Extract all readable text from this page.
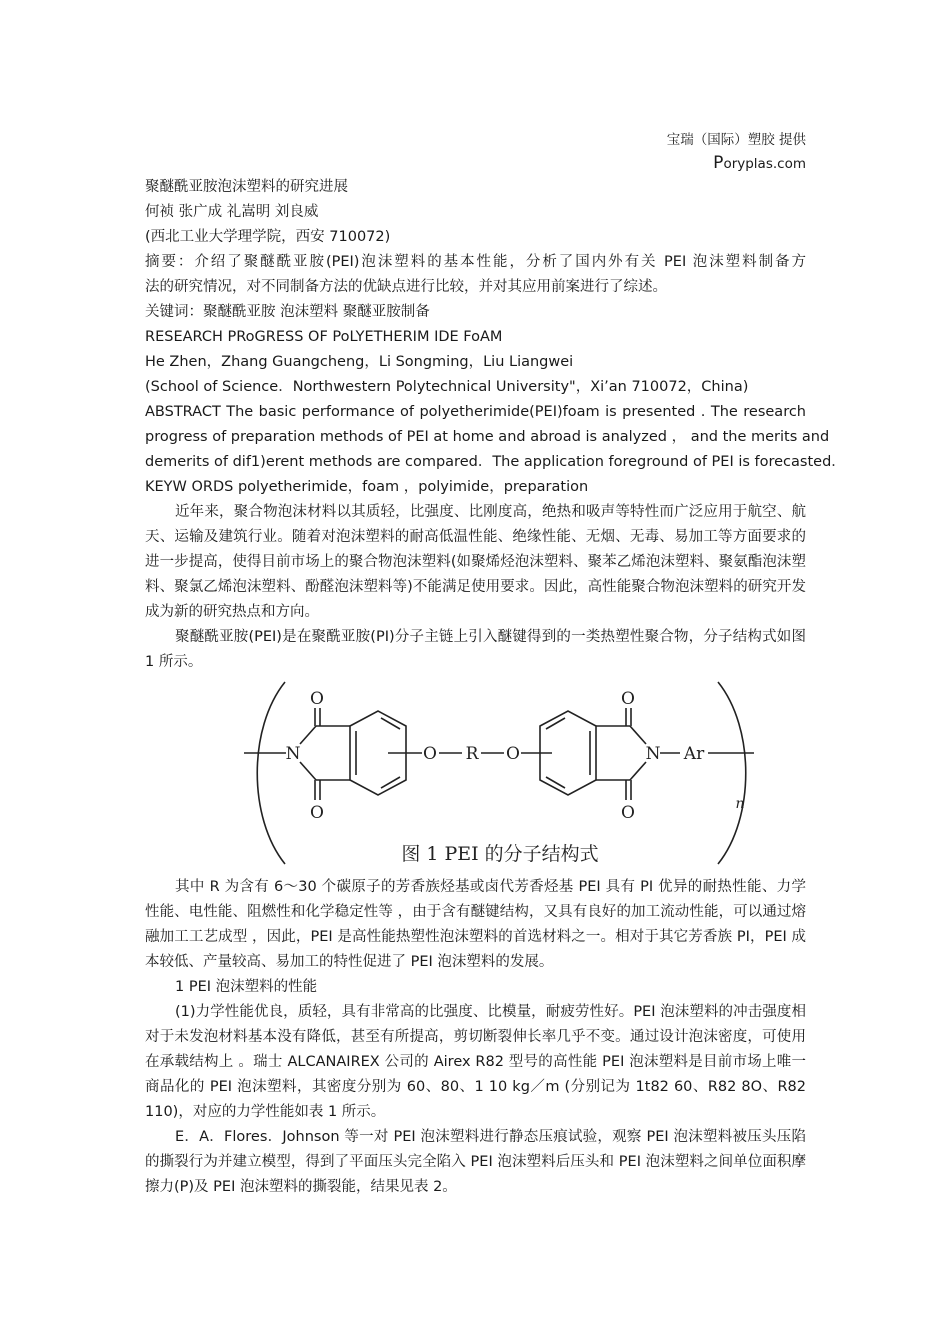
宝瑞（国际）塑胶 提供
Poryplas.com
聚醚酰亚胺泡沫塑料的研究进展
何祯 张广成 礼嵩明 刘良威
(西北工业大学理学院，西安 710072)
摘要：介绍了聚醚酰亚胺(PEI)泡沫塑料的基本性能，分析了国内外有关 PEI 泡沫塑料制备方
法的研究情况，对不同制备方法的优缺点进行比较，并对其应用前案进行了综述。
关键词：聚醚酰亚胺 泡沫塑料 聚醚亚胺制备
RESEARCH PRoGRESS OF PoLYETHERIM IDE FoAM
He Zhen，Zhang Guangcheng，Li Songming，Liu Liangwei
(School of Science．Northwestern Polytechnical University"，Xi’an 710072，China)
ABSTRACT The basic performance of polyetherimide(PEI)foam is presented . The research
progress of preparation methods of PEI at home and abroad is analyzed ， and the merits and
demerits of dif1)erent methods are compared．The application foreground of PEI is forecasted．
KEYW ORDS polyetherimide，foam ，polyimide，preparation
近年来，聚合物泡沫材料以其质轻，比强度、比刚度高，绝热和吸声等特性而广泛应用于航空、航天、运输及建筑行业。随着对泡沫塑料的耐高低温性能、绝缘性能、无烟、无毒、易加工等方面要求的进一步提高，使得目前市场上的聚合物泡沫塑料(如聚烯烃泡沫塑料、聚苯乙烯泡沫塑料、聚氨酯泡沫塑料、聚氯乙烯泡沫塑料、酚醛泡沫塑料等)不能满足使用要求。因此，高性能聚合物泡沫塑料的研究开发成为新的研究热点和方向。
聚醚酰亚胺(PEI)是在聚酰亚胺(PI)分子主链上引入醚键得到的一类热塑性聚合物，分子结构式如图 1 所示。
O
O
N	O R O
O
O
N Ar
n
图 1 PEI 的分子结构式
其中 R 为含有 6～30 个碳原子的芳香族烃基或卤代芳香烃基 PEI 具有 PI 优异的耐热性能、力学性能、电性能、阻燃性和化学稳定性等 ，由于含有醚键结构，又具有良好的加工流动性能，可以通过熔融加工工艺成型 ，因此，PEI 是高性能热塑性泡沫塑料的首选材料之一。相对于其它芳香族 PI，PEI 成本较低、产量较高、易加工的特性促进了 PEI 泡沫塑料的发展。
1 PEI 泡沫塑料的性能
(1)力学性能优良，质轻，具有非常高的比强度、比模量，耐疲劳性好。PEI 泡沫塑料的冲击强度相对于未发泡材料基本没有降低，甚至有所提高，剪切断裂伸长率几乎不变。通过设计泡沫密度，可使用在承载结构上 。瑞士 ALCANAIREX 公司的 Airex R82 型号的高性能 PEI 泡沫塑料是目前市场上唯一商品化的 PEI 泡沫塑料，其密度分别为 60、80、1 10 kg／m (分别记为 1t82 60、R82 8O、R82 110)，对应的力学性能如表 1 所示。
E．A．Flores．Johnson 等一对 PEI 泡沫塑料进行静态压痕试验，观察 PEI 泡沫塑料被压头压陷的撕裂行为并建立模型，得到了平面压头完全陷入 PEI 泡沫塑料后压头和 PEI 泡沫塑料之间单位面积摩擦力(P)及 PEI 泡沫塑料的撕裂能，结果见表 2。
